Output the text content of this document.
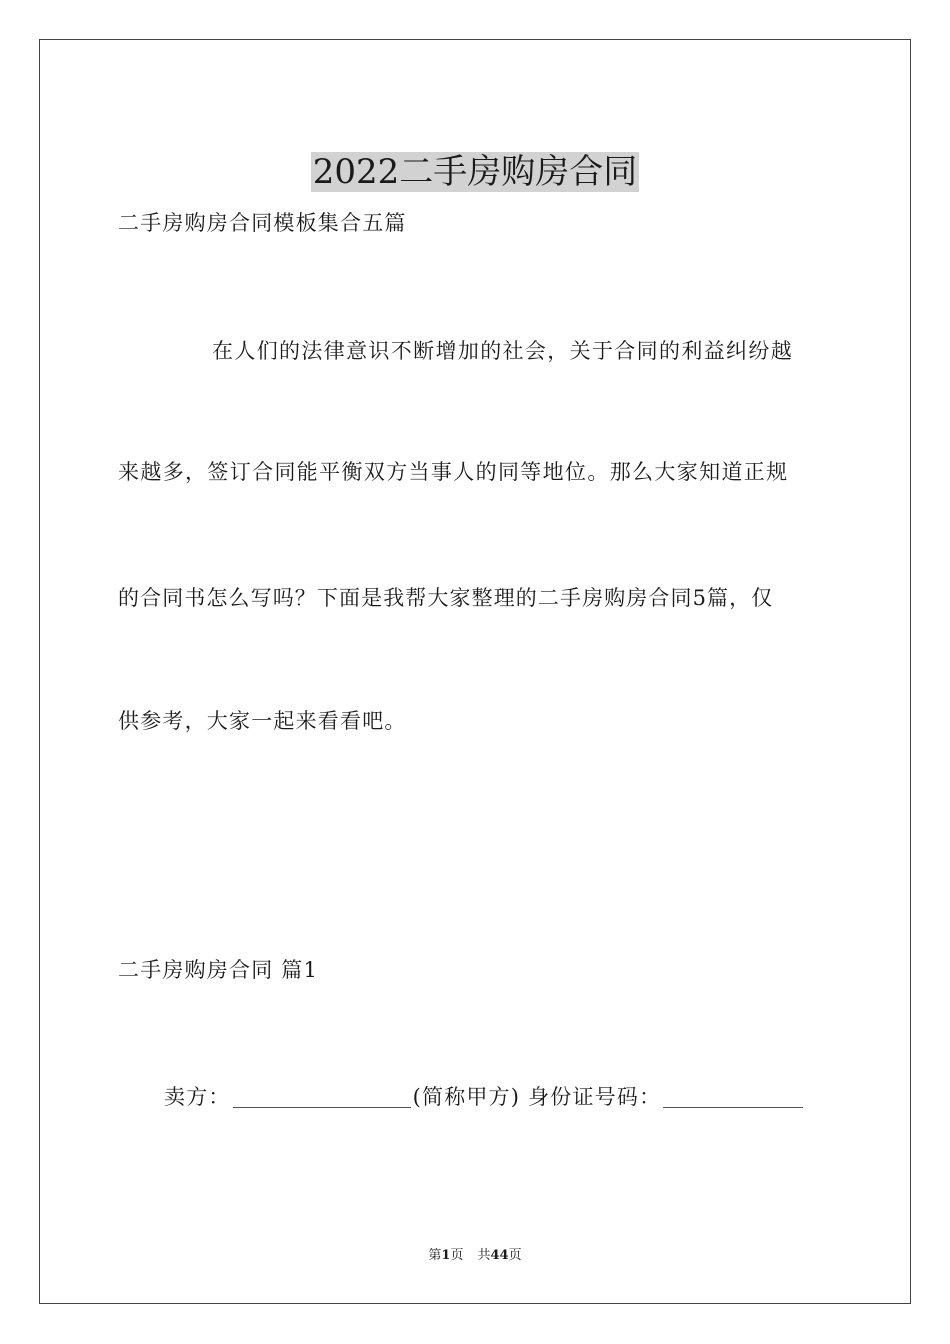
2022二手房购房合同
二手房购房合同模板集合五篇
在人们的法律意识不断增加的社会，关于合同的利益纠纷越
来越多，签订合同能平衡双方当事人的同等地位。那么大家知道正规
的合同书怎么写吗？下面是我帮大家整理的二手房购房合同5篇，仅
供参考，大家一起来看看吧。
二手房购房合同 篇1
卖方：	(简称甲方) 身份证号码：
第1页 共44页
